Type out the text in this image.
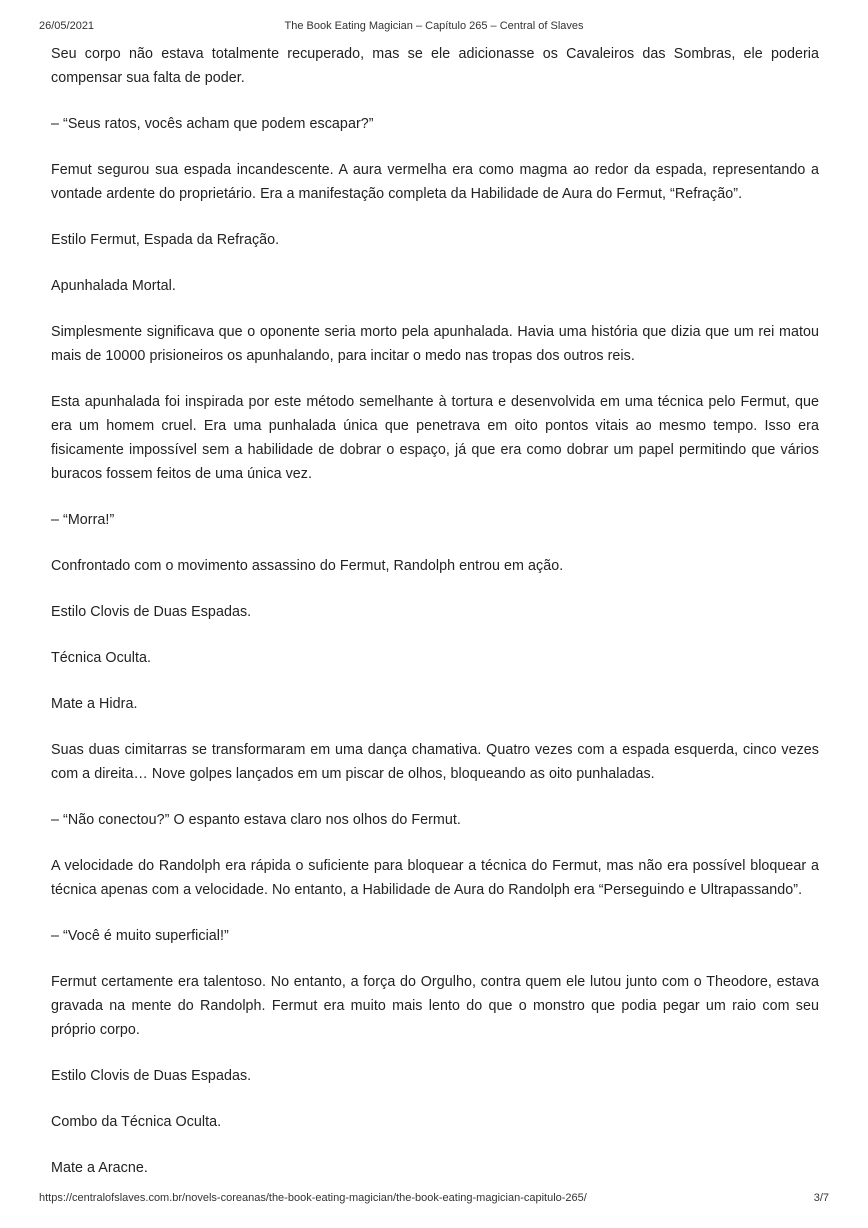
26/05/2021	The Book Eating Magician – Capítulo 265 – Central of Slaves

Seu corpo não estava totalmente recuperado, mas se ele adicionasse os Cavaleiros das Sombras, ele poderia compensar sua falta de poder.

– “Seus ratos, vocês acham que podem escapar?”

Femut segurou sua espada incandescente. A aura vermelha era como magma ao redor da espada, representando a vontade ardente do proprietário. Era a manifestação completa da Habilidade de Aura do Fermut, “Refração”.

Estilo Fermut, Espada da Refração.

Apunhalada Mortal.

Simplesmente significava que o oponente seria morto pela apunhalada. Havia uma história que dizia que um rei matou mais de 10000 prisioneiros os apunhalando, para incitar o medo nas tropas dos outros reis.

Esta apunhalada foi inspirada por este método semelhante à tortura e desenvolvida em uma técnica pelo Fermut, que era um homem cruel. Era uma punhalada única que penetrava em oito pontos vitais ao mesmo tempo. Isso era fisicamente impossível sem a habilidade de dobrar o espaço, já que era como dobrar um papel permitindo que vários buracos fossem feitos de uma única vez.

– “Morra!”

Confrontado com o movimento assassino do Fermut, Randolph entrou em ação.

Estilo Clovis de Duas Espadas.

Técnica Oculta.

Mate a Hidra.

Suas duas cimitarras se transformaram em uma dança chamativa. Quatro vezes com a espada esquerda, cinco vezes com a direita… Nove golpes lançados em um piscar de olhos, bloqueando as oito punhaladas.

– “Não conectou?” O espanto estava claro nos olhos do Fermut.

A velocidade do Randolph era rápida o suficiente para bloquear a técnica do Fermut, mas não era possível bloquear a técnica apenas com a velocidade. No entanto, a Habilidade de Aura do Randolph era “Perseguindo e Ultrapassando”.

– “Você é muito superficial!”

Fermut certamente era talentoso. No entanto, a força do Orgulho, contra quem ele lutou junto com o Theodore, estava gravada na mente do Randolph. Fermut era muito mais lento do que o monstro que podia pegar um raio com seu próprio corpo.

Estilo Clovis de Duas Espadas.

Combo da Técnica Oculta.

Mate a Aracne.

https://centralofslaves.com.br/novels-coreanas/the-book-eating-magician/the-book-eating-magician-capitulo-265/	3/7
